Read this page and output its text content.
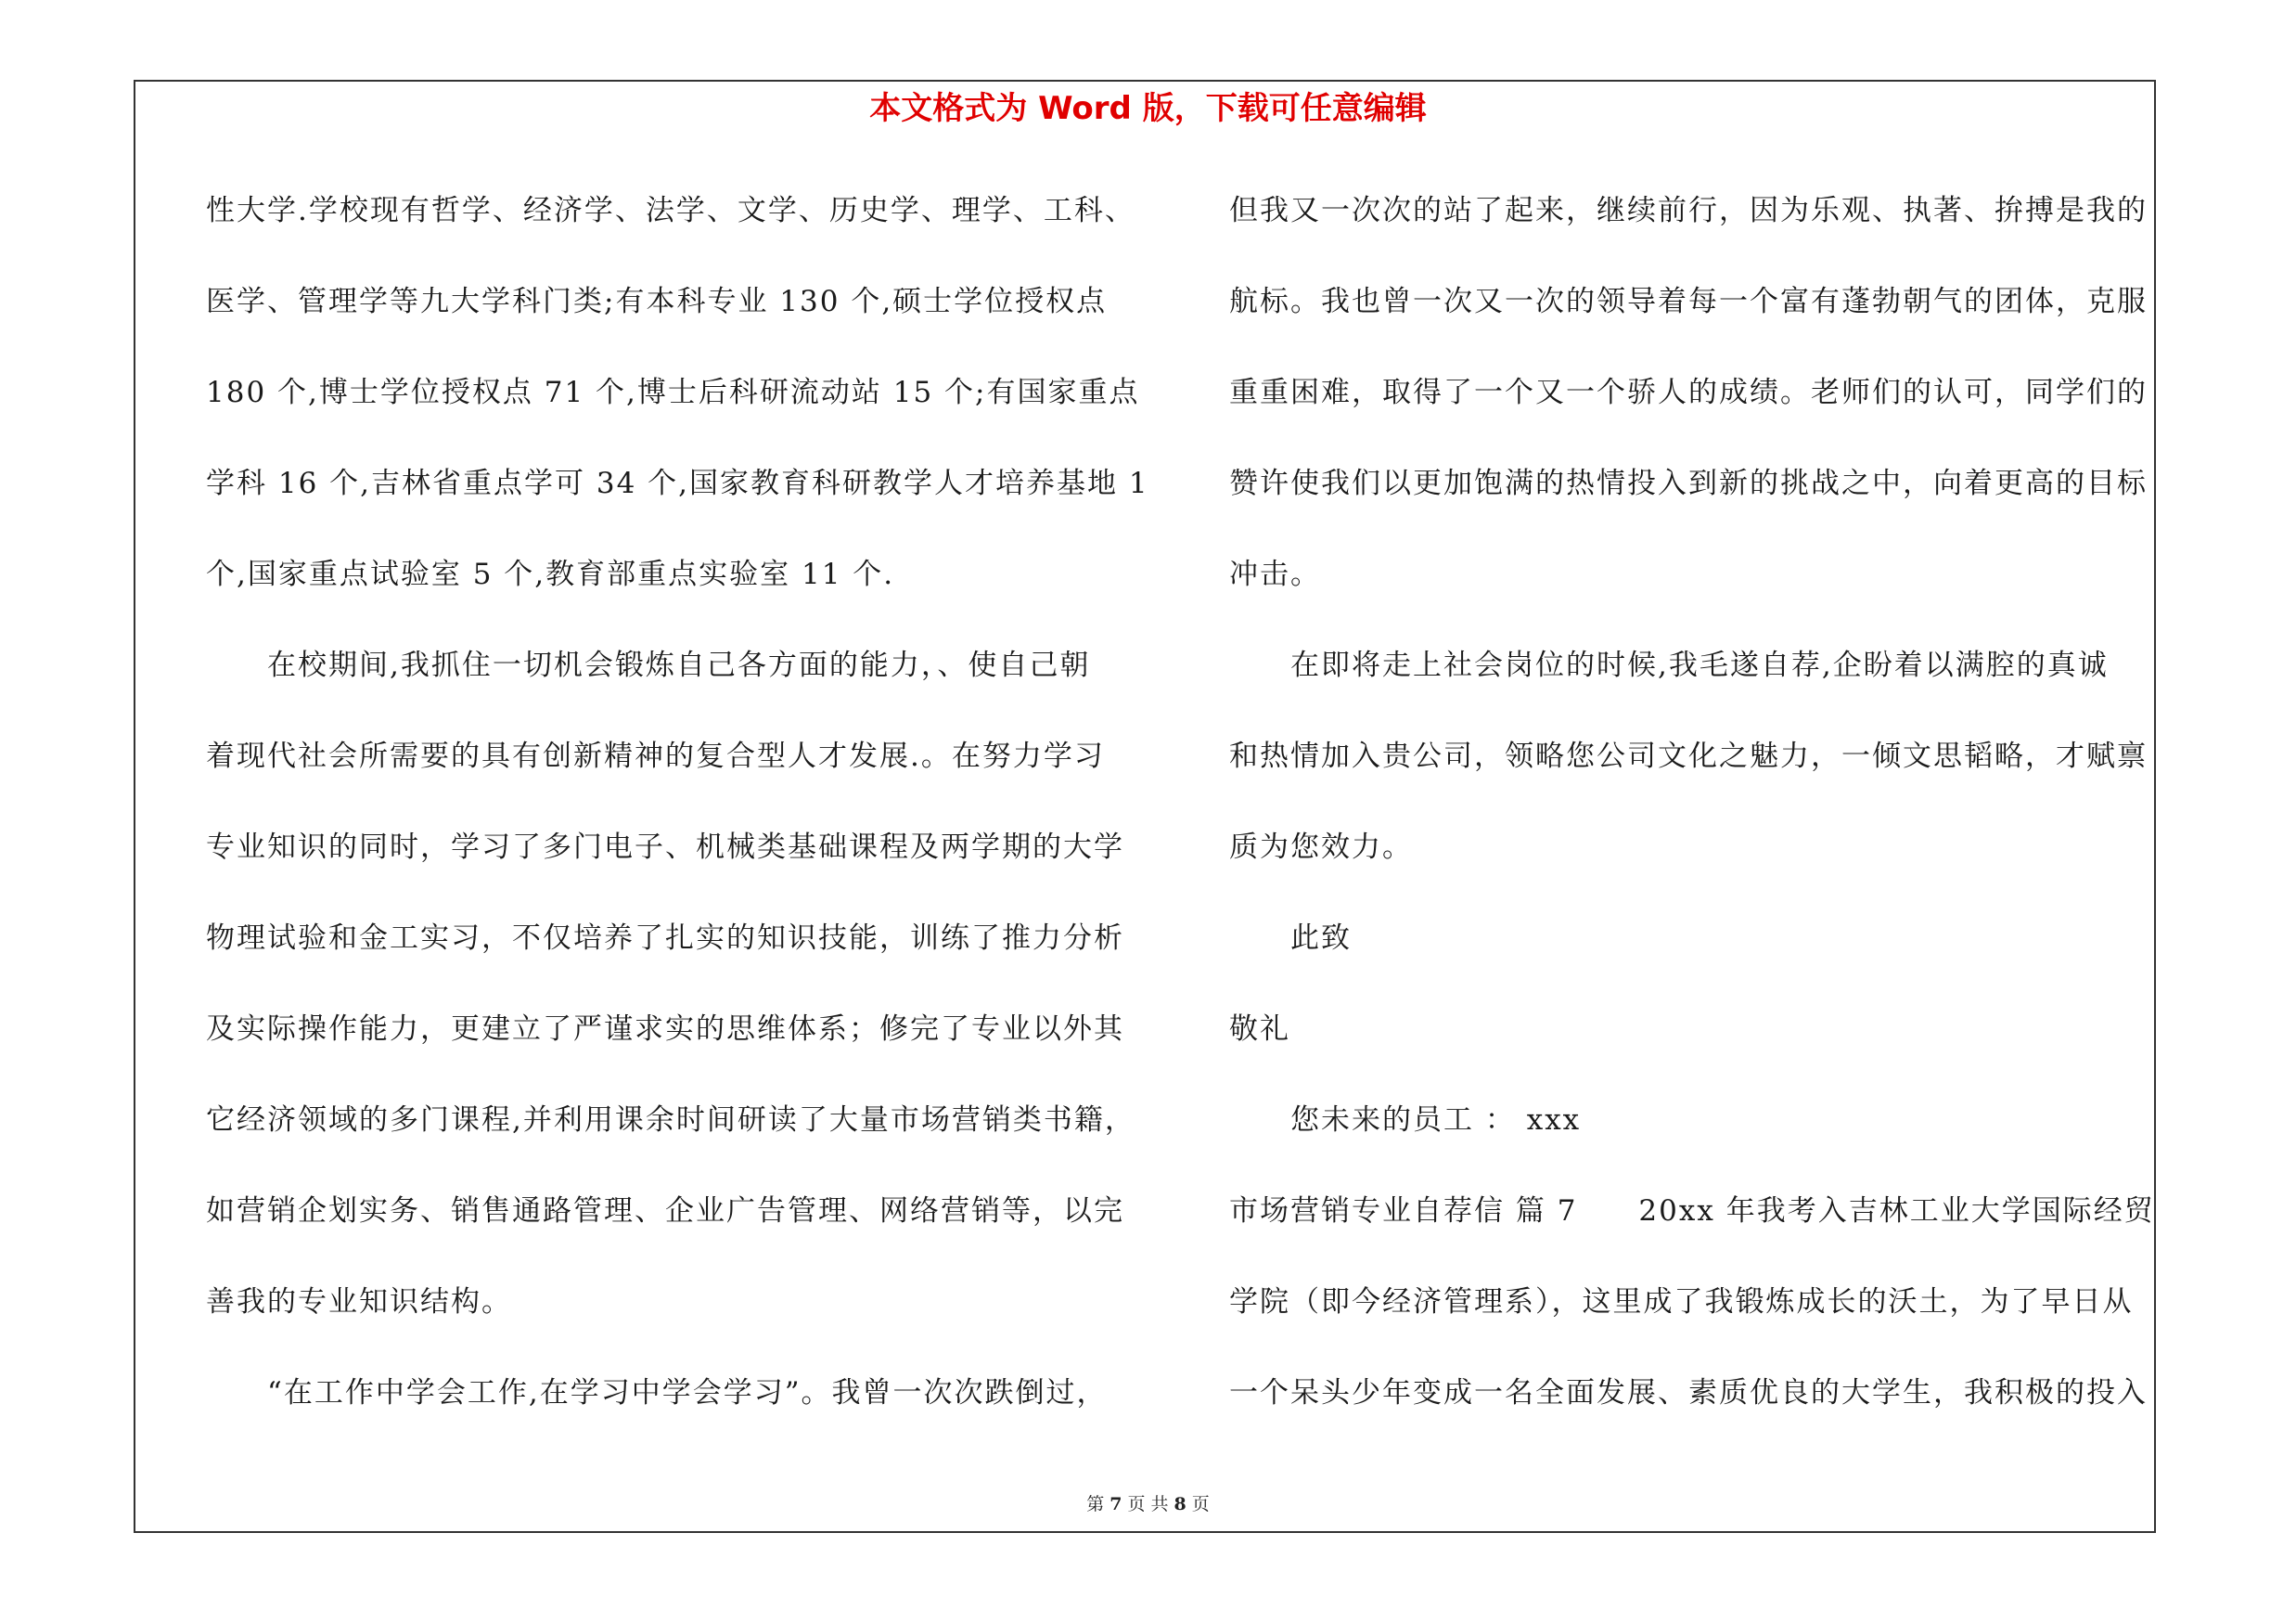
本文格式为 Word 版，下载可任意编辑
性大学.学校现有哲学、经济学、法学、文学、历史学、理学、工科、
医学、管理学等九大学科门类;有本科专业 130 个,硕士学位授权点
180 个,博士学位授权点 71 个,博士后科研流动站 15 个;有国家重点
学科 16 个,吉林省重点学可 34 个,国家教育科研教学人才培养基地 1
个,国家重点试验室 5 个,教育部重点实验室 11 个.
在校期间,我抓住一切机会锻炼自己各方面的能力，、使自己朝
着现代社会所需要的具有创新精神的复合型人才发展.。在努力学习
专业知识的同时，学习了多门电子、机械类基础课程及两学期的大学
物理试验和金工实习，不仅培养了扎实的知识技能，训练了推力分析
及实际操作能力，更建立了严谨求实的思维体系；修完了专业以外其
它经济领域的多门课程,并利用课余时间研读了大量市场营销类书籍，
如营销企划实务、销售通路管理、企业广告管理、网络营销等，以完
善我的专业知识结构。
“在工作中学会工作,在学习中学会学习”。我曾一次次跌倒过，
但我又一次次的站了起来，继续前行，因为乐观、执著、拚搏是我的
航标。我也曾一次又一次的领导着每一个富有蓬勃朝气的团体，克服
重重困难，取得了一个又一个骄人的成绩。老师们的认可，同学们的
赞许使我们以更加饱满的热情投入到新的挑战之中，向着更高的目标
冲击。
在即将走上社会岗位的时候,我毛遂自荐,企盼着以满腔的真诚
和热情加入贵公司，领略您公司文化之魅力，一倾文思韬略，才赋禀
质为您效力。
此致
敬礼
您未来的员工 ： xxx
市场营销专业自荐信 篇 7　　20xx 年我考入吉林工业大学国际经贸
学院（即今经济管理系），这里成了我锻炼成长的沃土，为了早日从
一个呆头少年变成一名全面发展、素质优良的大学生，我积极的投入
第 7 页 共 8 页
